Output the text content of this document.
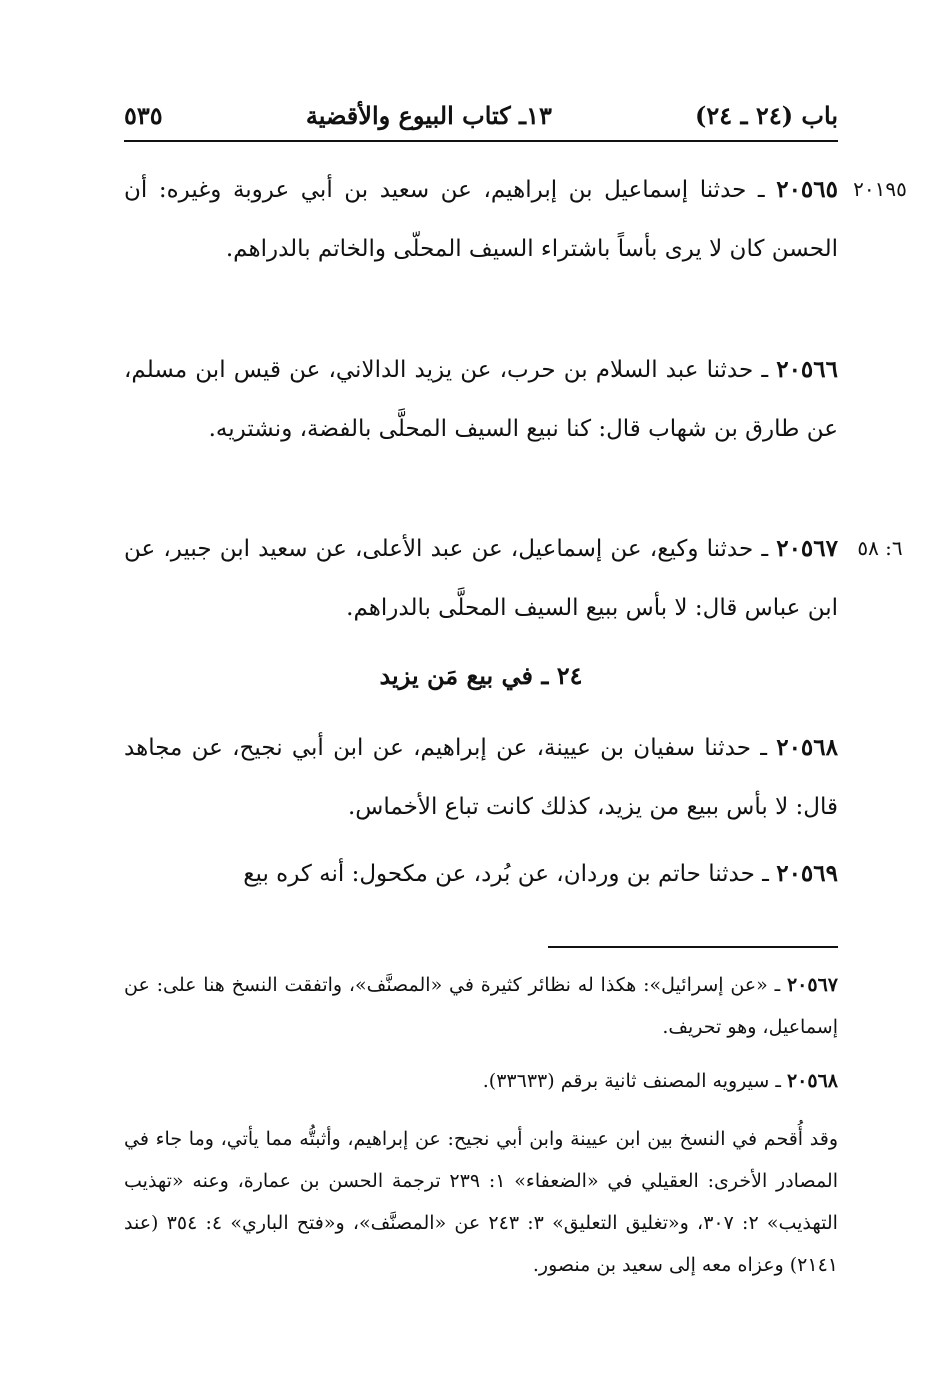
باب (٢٤ ـ ٢٤)
١٣ـ كتاب البيوع والأقضية
٥٣٥
٢٠١٩٥
٢٠٥٦٥ ـ حدثنا إسماعيل بن إبراهيم، عن سعيد بن أبي عروبة وغيره: أن الحسن كان لا يرى بأساً باشتراء السيف المحلّى والخاتم بالدراهم.
٢٠٥٦٦ ـ حدثنا عبد السلام بن حرب، عن يزيد الدالاني، عن قيس ابن مسلم، عن طارق بن شهاب قال: كنا نبيع السيف المحلَّى بالفضة، ونشتريه.
٦: ٥٨
٢٠٥٦٧ ـ حدثنا وكيع، عن إسماعيل، عن عبد الأعلى، عن سعيد ابن جبير، عن ابن عباس قال: لا بأس ببيع السيف المحلَّى بالدراهم.
٢٤ ـ في بيع مَن يزيد
٢٠٥٦٨ ـ حدثنا سفيان بن عيينة، عن إبراهيم، عن ابن أبي نجيح، عن مجاهد قال: لا بأس ببيع من يزيد، كذلك كانت تباع الأخماس.
٢٠٥٦٩ ـ حدثنا حاتم بن وردان، عن بُرد، عن مكحول: أنه كره بيع
٢٠٥٦٧ ـ «عن إسرائيل»: هكذا له نظائر كثيرة في «المصنَّف»، واتفقت النسخ هنا على: عن إسماعيل، وهو تحريف.
٢٠٥٦٨ ـ سيرويه المصنف ثانية برقم (٣٣٦٣٣).
وقد أُقحم في النسخ بين ابن عيينة وابن أبي نجيح: عن إبراهيم، وأثبتُّه مما يأتي، وما جاء في المصادر الأخرى: العقيلي في «الضعفاء» ١: ٢٣٩ ترجمة الحسن بن عمارة، وعنه «تهذيب التهذيب» ٢: ٣٠٧، و«تغليق التعليق» ٣: ٢٤٣ عن «المصنَّف»، و«فتح الباري» ٤: ٣٥٤ (عند ٢١٤١) وعزاه معه إلى سعيد بن منصور.
